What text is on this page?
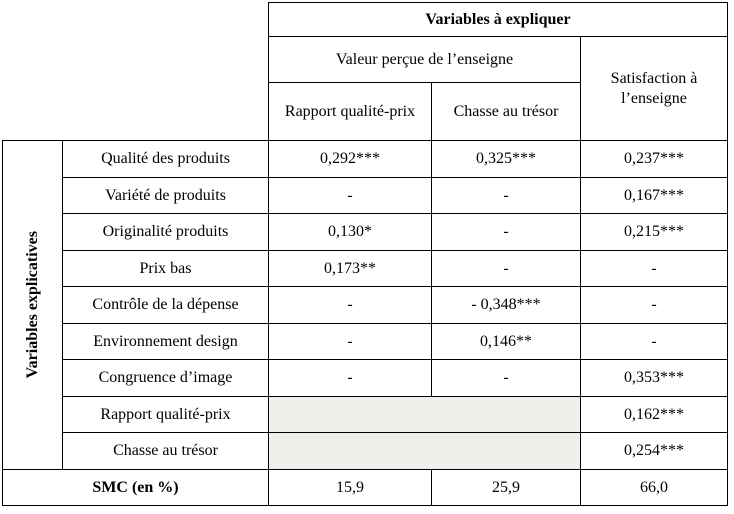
		Variables à expliquer		
		Valeur perçue de l’enseigne		Satisfaction à l’enseigne
		Rapport qualité-prix	Chasse au trésor	

Variables explicatives	Qualité des produits	0,292***	0,325***	0,237***
	Variété de produits	-	-	0,167***
	Originalité produits	0,130*	-	0,215***
	Prix bas	0,173**	-	-
	Contrôle de la dépense	-	- 0,348***	-
	Environnement design	-	0,146**	-
	Congruence d’image	-	-	0,353***
	Rapport qualité-prix			0,162***
	Chasse au trésor			0,254***
SMC (en %)		15,9	25,9	66,0
